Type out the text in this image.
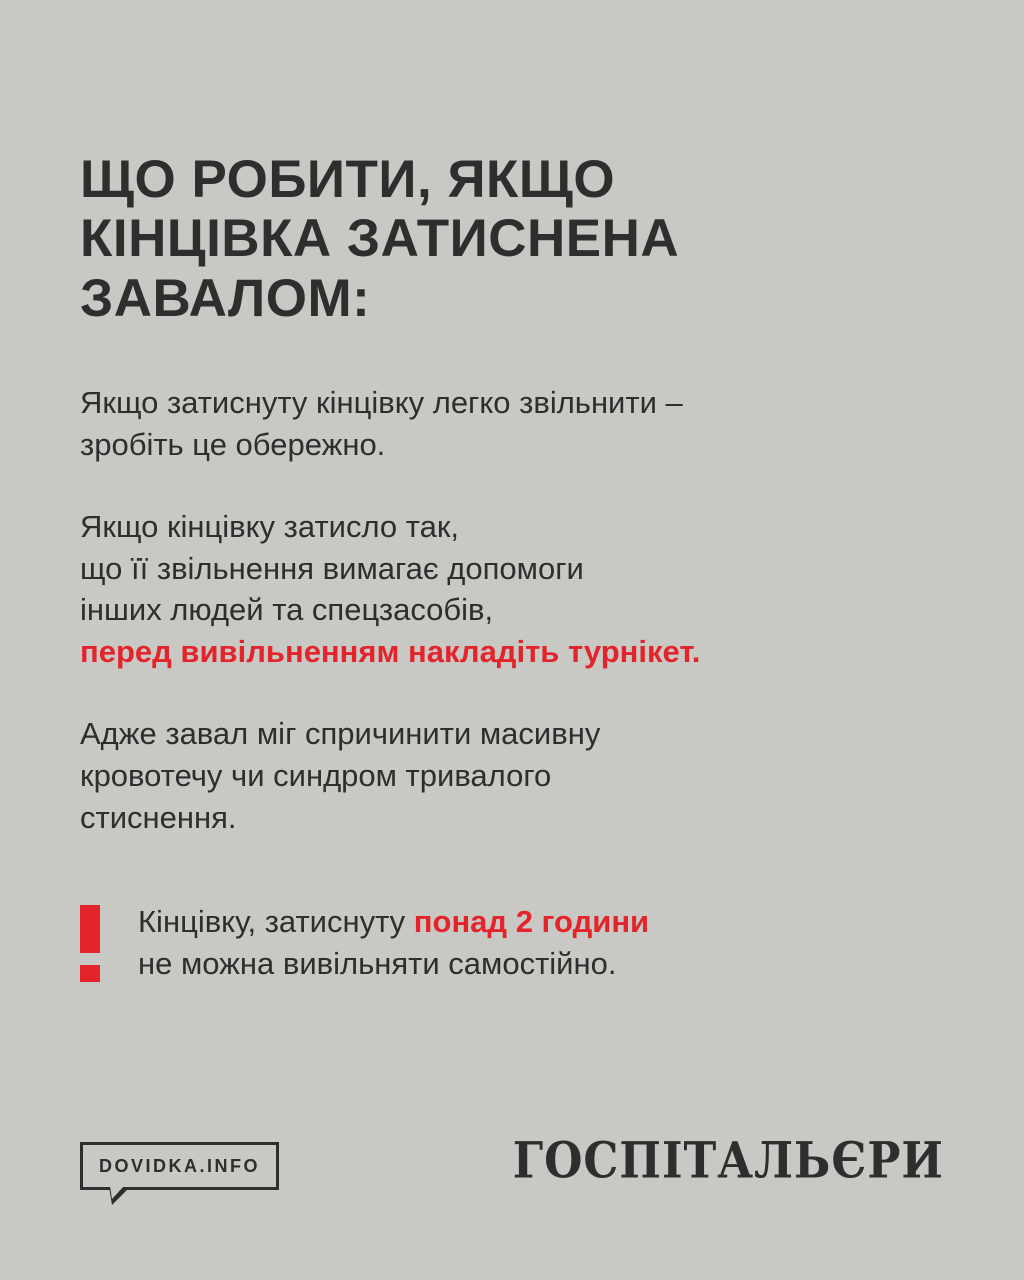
ЩО РОБИТИ, ЯКЩО
КІНЦІВКА ЗАТИСНЕНА
ЗАВАЛОМ:

Якщо затиснуту кінцівку легко звільнити –
зробіть це обережно.

Якщо кінцівку затисло так,
що її звільнення вимагає допомоги
інших людей та спецзасобів,
перед вивільненням накладіть турнікет.

Адже завал міг спричинити масивну
кровотечу чи синдром тривалого
стиснення.

Кінцівку, затиснуту понад 2 години
не можна вивільняти самостійно.
DOVIDKA.INFO	ГОСПІТАЛЬЄРИ
